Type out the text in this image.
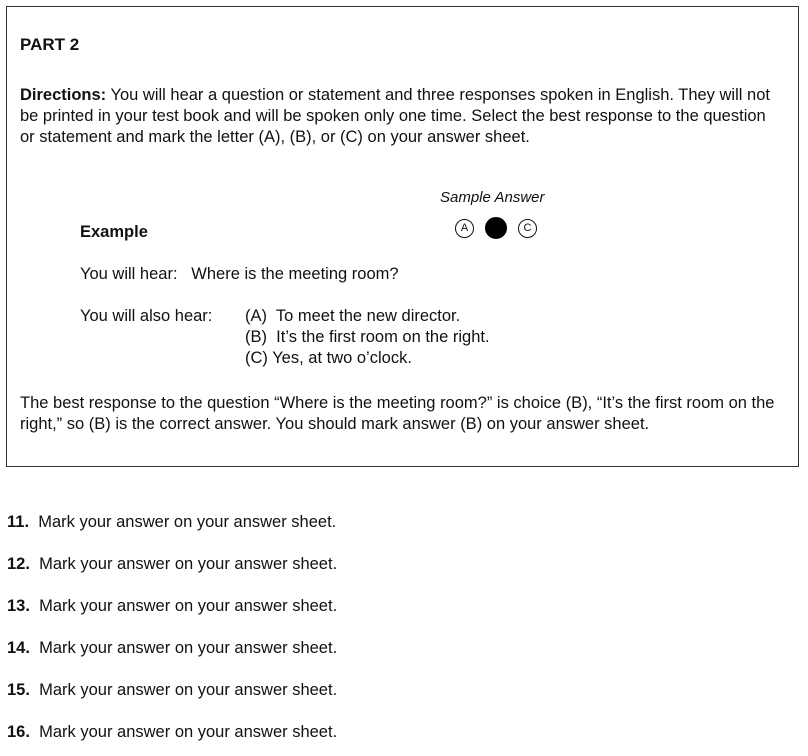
PART 2

Directions: You will hear a question or statement and three responses spoken in English. They will not be printed in your test book and will be spoken only one time. Select the best response to the question or statement and mark the letter (A), (B), or (C) on your answer sheet.

Sample Answer
A	C
Example
You will hear:   Where is the meeting room?
You will also hear: (A)  To meet the new director.
(B)  It’s the first room on the right.
(C) Yes, at two o’clock.

The best response to the question “Where is the meeting room?” is choice (B), “It’s the first room on the right,” so (B) is the correct answer. You should mark answer (B) on your answer sheet.

11. Mark your answer on your answer sheet.
12. Mark your answer on your answer sheet.
13. Mark your answer on your answer sheet.
14. Mark your answer on your answer sheet.
15. Mark your answer on your answer sheet.
16. Mark your answer on your answer sheet.
